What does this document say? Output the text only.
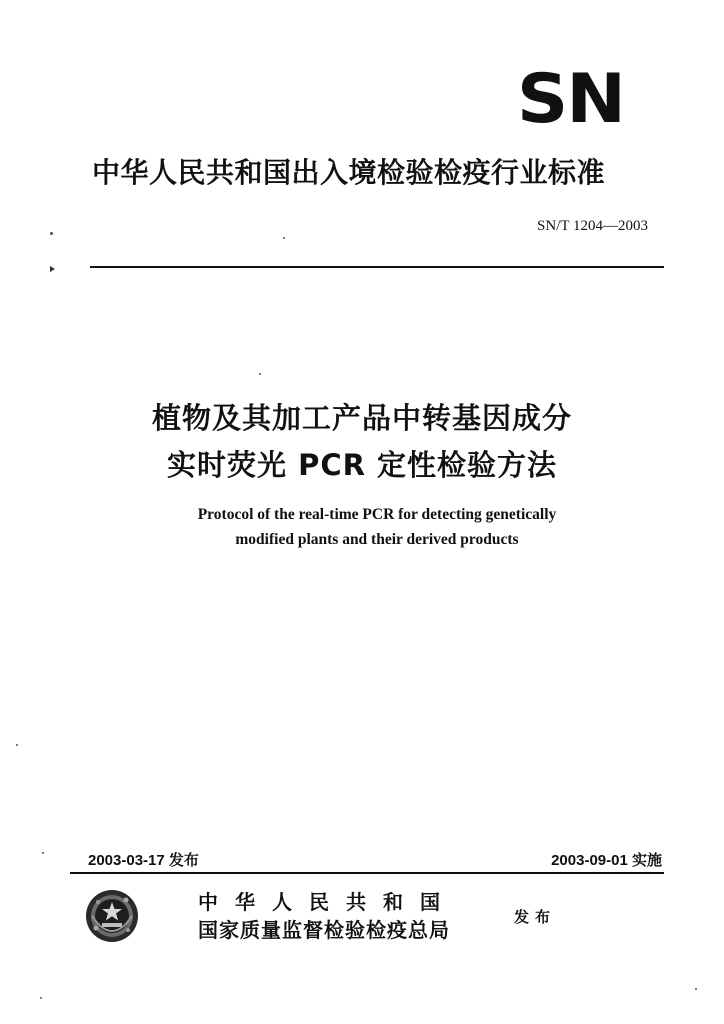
SN
中华人民共和国出入境检验检疫行业标准
SN/T 1204—2003
植物及其加工产品中转基因成分
实时荧光 PCR 定性检验方法
Protocol of the real-time PCR for detecting genetically
modified plants and their derived products
2003-03-17 发布	2003-09-01 实施
中华人民共和国
国家质量监督检验检疫总局
发布
